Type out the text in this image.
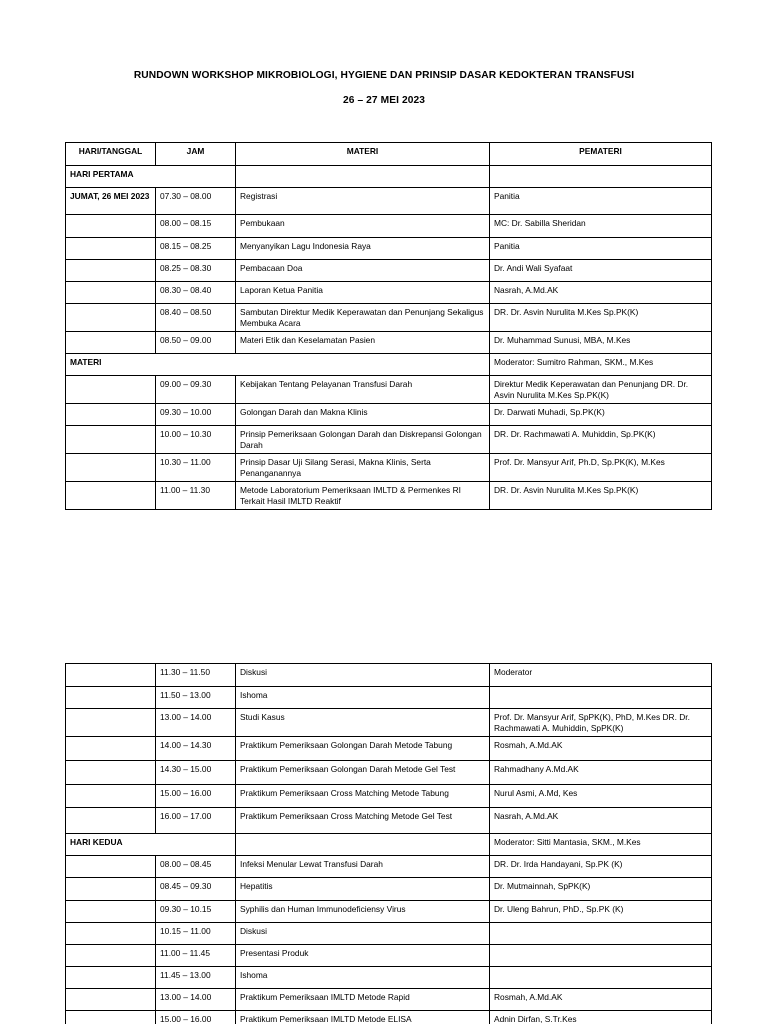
RUNDOWN WORKSHOP MIKROBIOLOGI, HYGIENE DAN PRINSIP DASAR KEDOKTERAN TRANSFUSI
26 – 27 MEI 2023
HARI/TANGGAL	JAM	MATERI	PEMATERI
HARI PERTAMA			
JUMAT, 26 MEI 2023	07.30 – 08.00	Registrasi	Panitia
	08.00 – 08.15	Pembukaan	MC: Dr. Sabilla Sheridan
	08.15 – 08.25	Menyanyikan Lagu Indonesia Raya	Panitia
	08.25 – 08.30	Pembacaan Doa	Dr. Andi Wali Syafaat
	08.30 – 08.40	Laporan Ketua Panitia	Nasrah, A.Md.AK
	08.40 – 08.50	Sambutan Direktur Medik Keperawatan dan Penunjang Sekaligus Membuka Acara	DR. Dr. Asvin Nurulita M.Kes Sp.PK(K)
	08.50 – 09.00	Materi Etik dan Keselamatan Pasien	Dr. Muhammad Sunusi, MBA, M.Kes
MATERI			Moderator: Sumitro Rahman, SKM., M.Kes
	09.00 – 09.30	Kebijakan Tentang Pelayanan Transfusi Darah	Direktur Medik Keperawatan dan Penunjang DR. Dr. Asvin Nurulita M.Kes Sp.PK(K)
	09.30 – 10.00	Golongan Darah dan Makna Klinis	Dr. Darwati Muhadi, Sp.PK(K)
	10.00 – 10.30	Prinsip Pemeriksaan Golongan Darah dan Diskrepansi Golongan Darah	DR. Dr. Rachmawati A. Muhiddin, Sp.PK(K)
	10.30 – 11.00	Prinsip Dasar Uji Silang Serasi, Makna Klinis, Serta Penanganannya	Prof. Dr. Mansyur Arif, Ph.D, Sp.PK(K), M.Kes
	11.00 – 11.30	Metode Laboratorium Pemeriksaan IMLTD & Permenkes RI Terkait Hasil IMLTD Reaktif	DR. Dr. Asvin Nurulita M.Kes Sp.PK(K)
	11.30 – 11.50	Diskusi	Moderator
	11.50 – 13.00	Ishoma	
	13.00 – 14.00	Studi Kasus	Prof. Dr. Mansyur Arif, SpPK(K), PhD, M.Kes DR. Dr. Rachmawati A. Muhiddin, SpPK(K)
	14.00 – 14.30	Praktikum Pemeriksaan Golongan Darah Metode Tabung	Rosmah, A.Md.AK
	14.30 – 15.00	Praktikum Pemeriksaan Golongan Darah Metode Gel Test	Rahmadhany A.Md.AK
	15.00 – 16.00	Praktikum Pemeriksaan Cross Matching Metode Tabung	Nurul Asmi, A.Md, Kes
	16.00 – 17.00	Praktikum Pemeriksaan Cross Matching Metode Gel Test	Nasrah, A.Md.AK
HARI KEDUA			Moderator: Sitti Mantasia, SKM., M.Kes
	08.00 – 08.45	Infeksi Menular Lewat Transfusi Darah	DR. Dr. Irda Handayani, Sp.PK (K)
	08.45 – 09.30	Hepatitis	Dr. Mutmainnah, SpPK(K)
	09.30 – 10.15	Syphilis dan Human Immunodeficiensy Virus	Dr. Uleng Bahrun, PhD., Sp.PK (K)
	10.15 – 11.00	Diskusi	
	11.00 – 11.45	Presentasi Produk	
	11.45 – 13.00	Ishoma	
	13.00 – 14.00	Praktikum Pemeriksaan IMLTD Metode Rapid	Rosmah, A.Md.AK
	15.00 – 16.00	Praktikum Pemeriksaan IMLTD Metode ELISA	Adnin Dirfan, S.Tr.Kes
